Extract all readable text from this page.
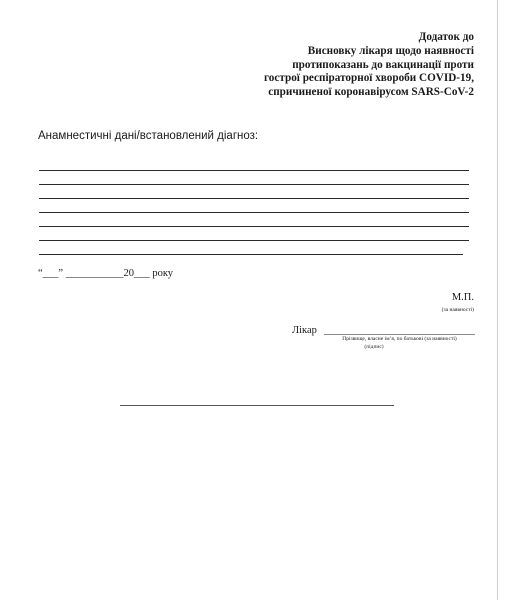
Додаток до
Висновку лікаря щодо наявності
протипоказань до вакцинації проти
гострої респіраторної хвороби COVID-19,
спричиненої коронавірусом SARS-CoV-2
Анамнестичні дані/встановлений діагноз:
“___” ___________20___ року
М.П.
(за наявності)
Лікар
Прізвище, власне ім’я, по батькові (за наявності)
(підпис)
